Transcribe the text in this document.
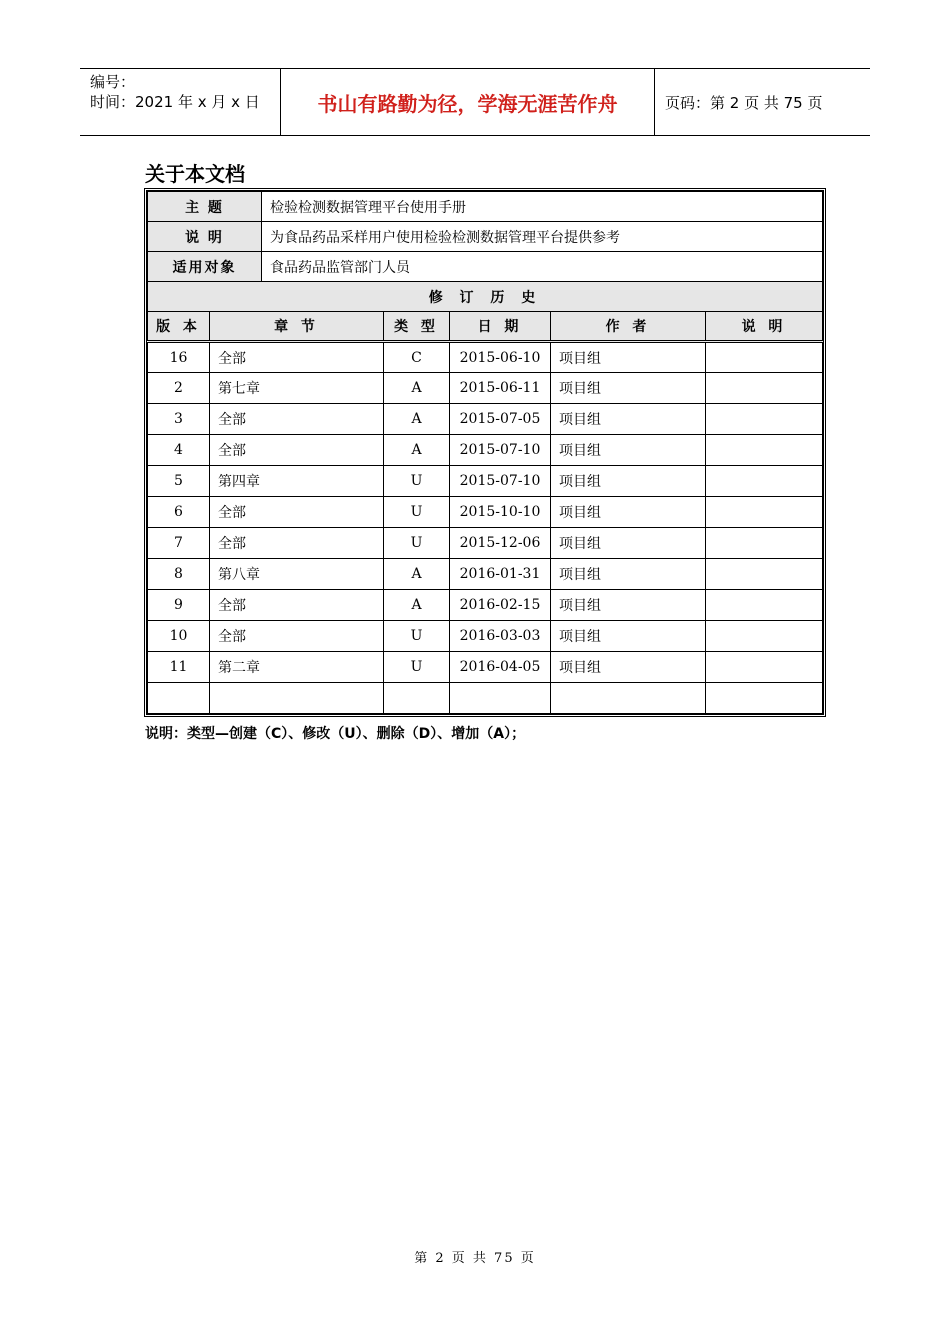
编号：
时间：2021 年 x 月 x 日	书山有路勤为径，学海无涯苦作舟	页码：第 2 页 共 75 页
关于本文档
主 题		检验检测数据管理平台使用手册				
说 明		为食品药品采样用户使用检验检测数据管理平台提供参考				
适用对象		食品药品监管部门人员				
修 订 历 史						
版 本	章 节		类 型	日 期	作 者	说 明
16	全部		C	2015-06-10	项目组	
2	第七章		A	2015-06-11	项目组	
3	全部		A	2015-07-05	项目组	
4	全部		A	2015-07-10	项目组	
5	第四章		U	2015-07-10	项目组	
6	全部		U	2015-10-10	项目组	
7	全部		U	2015-12-06	项目组	
8	第八章		A	2016-01-31	项目组	
9	全部		A	2016-02-15	项目组	
10	全部		U	2016-03-03	项目组	
11	第二章		U	2016-04-05	项目组	

说明：类型—创建（C）、修改（U）、删除（D）、增加（A）；
第 2 页 共 75 页
